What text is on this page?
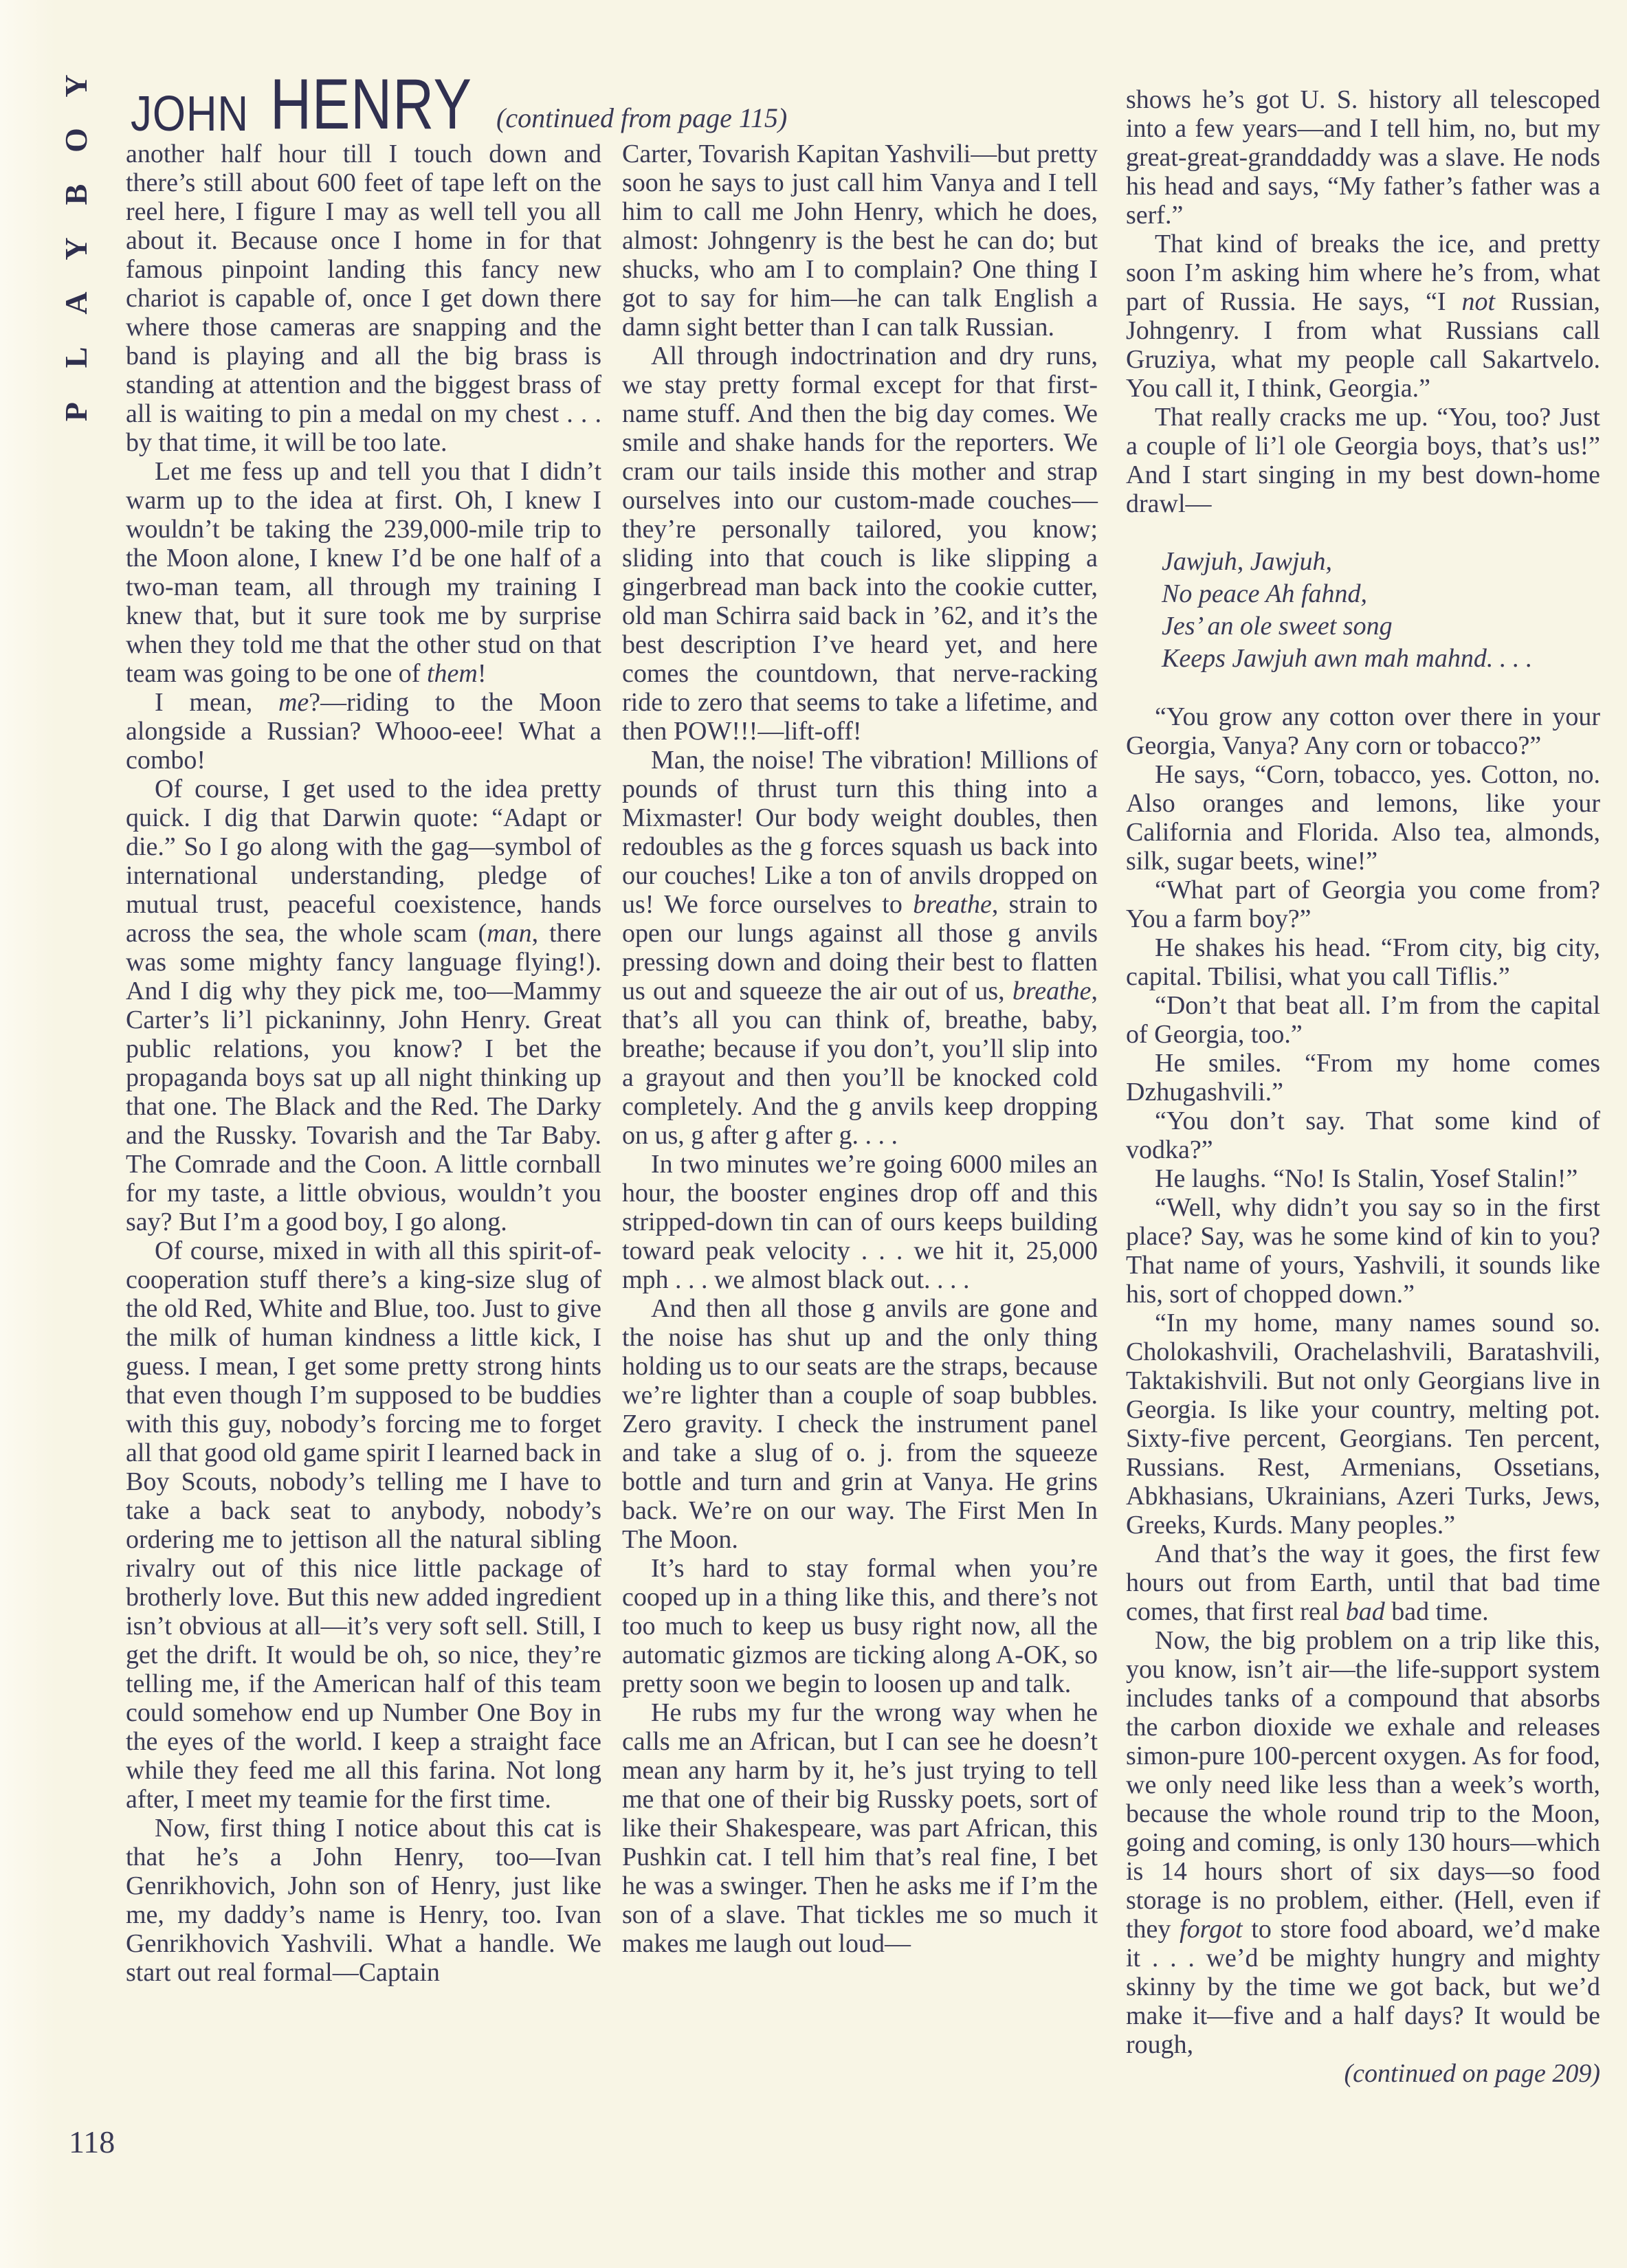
Y
O
B
Y
A
L
P
JOHN HENRY (continued from page 115)

another half hour till I touch down and there’s still about 600 feet of tape left on the reel here, I figure I may as well tell you all about it. Because once I home in for that famous pinpoint landing this fancy new chariot is capable of, once I get down there where those cameras are snapping and the band is playing and all the big brass is standing at attention and the biggest brass of all is waiting to pin a medal on my chest . . . by that time, it will be too late.

Let me fess up and tell you that I didn’t warm up to the idea at first. Oh, I knew I wouldn’t be taking the 239,000-mile trip to the Moon alone, I knew I’d be one half of a two-man team, all through my training I knew that, but it sure took me by surprise when they told me that the other stud on that team was going to be one of them!

I mean, me?—riding to the Moon alongside a Russian? Whooo-eee! What a combo!

Of course, I get used to the idea pretty quick. I dig that Darwin quote: “Adapt or die.” So I go along with the gag—symbol of international understanding, pledge of mutual trust, peaceful coexistence, hands across the sea, the whole scam (man, there was some mighty fancy language flying!). And I dig why they pick me, too—Mammy Carter’s li’l pickaninny, John Henry. Great public relations, you know? I bet the propaganda boys sat up all night thinking up that one. The Black and the Red. The Darky and the Russky. Tovarish and the Tar Baby. The Comrade and the Coon. A little cornball for my taste, a little obvious, wouldn’t you say? But I’m a good boy, I go along.

Of course, mixed in with all this spirit-of-cooperation stuff there’s a king-size slug of the old Red, White and Blue, too. Just to give the milk of human kindness a little kick, I guess. I mean, I get some pretty strong hints that even though I’m supposed to be buddies with this guy, nobody’s forcing me to forget all that good old game spirit I learned back in Boy Scouts, nobody’s telling me I have to take a back seat to anybody, nobody’s ordering me to jettison all the natural sibling rivalry out of this nice little package of brotherly love. But this new added ingredient isn’t obvious at all—it’s very soft sell. Still, I get the drift. It would be oh, so nice, they’re telling me, if the American half of this team could somehow end up Number One Boy in the eyes of the world. I keep a straight face while they feed me all this farina. Not long after, I meet my teamie for the first time.

Now, first thing I notice about this cat is that he’s a John Henry, too—Ivan Genrikhovich, John son of Henry, just like me, my daddy’s name is Henry, too. Ivan Genrikhovich Yashvili. What a handle. We start out real formal—Captain

Carter, Tovarish Kapitan Yashvili—but pretty soon he says to just call him Vanya and I tell him to call me John Henry, which he does, almost: Johngenry is the best he can do; but shucks, who am I to complain? One thing I got to say for him—he can talk English a damn sight better than I can talk Russian.

All through indoctrination and dry runs, we stay pretty formal except for that first-name stuff. And then the big day comes. We smile and shake hands for the reporters. We cram our tails inside this mother and strap ourselves into our custom-made couches—they’re personally tailored, you know; sliding into that couch is like slipping a gingerbread man back into the cookie cutter, old man Schirra said back in ’62, and it’s the best description I’ve heard yet, and here comes the countdown, that nerve-racking ride to zero that seems to take a lifetime, and then POW!!!—lift-off!

Man, the noise! The vibration! Millions of pounds of thrust turn this thing into a Mixmaster! Our body weight doubles, then redoubles as the g forces squash us back into our couches! Like a ton of anvils dropped on us! We force ourselves to breathe, strain to open our lungs against all those g anvils pressing down and doing their best to flatten us out and squeeze the air out of us, breathe, that’s all you can think of, breathe, baby, breathe; because if you don’t, you’ll slip into a grayout and then you’ll be knocked cold completely. And the g anvils keep dropping on us, g after g after g. . . .

In two minutes we’re going 6000 miles an hour, the booster engines drop off and this stripped-down tin can of ours keeps building toward peak velocity . . . we hit it, 25,000 mph . . . we almost black out. . . .

And then all those g anvils are gone and the noise has shut up and the only thing holding us to our seats are the straps, because we’re lighter than a couple of soap bubbles. Zero gravity. I check the instrument panel and take a slug of o. j. from the squeeze bottle and turn and grin at Vanya. He grins back. We’re on our way. The First Men In The Moon.

It’s hard to stay formal when you’re cooped up in a thing like this, and there’s not too much to keep us busy right now, all the automatic gizmos are ticking along A-OK, so pretty soon we begin to loosen up and talk.

He rubs my fur the wrong way when he calls me an African, but I can see he doesn’t mean any harm by it, he’s just trying to tell me that one of their big Russky poets, sort of like their Shakespeare, was part African, this Pushkin cat. I tell him that’s real fine, I bet he was a swinger. Then he asks me if I’m the son of a slave. That tickles me so much it makes me laugh out loud—

shows he’s got U. S. history all telescoped into a few years—and I tell him, no, but my great-great-granddaddy was a slave. He nods his head and says, “My father’s father was a serf.”

That kind of breaks the ice, and pretty soon I’m asking him where he’s from, what part of Russia. He says, “I not Russian, Johngenry. I from what Russians call Gruziya, what my people call Sakartvelo. You call it, I think, Georgia.”

That really cracks me up. “You, too? Just a couple of li’l ole Georgia boys, that’s us!” And I start singing in my best down-home drawl—

Jawjuh, Jawjuh,
No peace Ah fahnd,
Jes’ an ole sweet song
Keeps Jawjuh awn mah mahnd. . . .

“You grow any cotton over there in your Georgia, Vanya? Any corn or tobacco?”

He says, “Corn, tobacco, yes. Cotton, no. Also oranges and lemons, like your California and Florida. Also tea, almonds, silk, sugar beets, wine!”

“What part of Georgia you come from? You a farm boy?”

He shakes his head. “From city, big city, capital. Tbilisi, what you call Tiflis.”

“Don’t that beat all. I’m from the capital of Georgia, too.”

He smiles. “From my home comes Dzhugashvili.”

“You don’t say. That some kind of vodka?”

He laughs. “No! Is Stalin, Yosef Stalin!”

“Well, why didn’t you say so in the first place? Say, was he some kind of kin to you? That name of yours, Yashvili, it sounds like his, sort of chopped down.”

“In my home, many names sound so. Cholokashvili, Orachelashvili, Baratashvili, Taktakishvili. But not only Georgians live in Georgia. Is like your country, melting pot. Sixty-five percent, Georgians. Ten percent, Russians. Rest, Armenians, Ossetians, Abkhasians, Ukrainians, Azeri Turks, Jews, Greeks, Kurds. Many peoples.”

And that’s the way it goes, the first few hours out from Earth, until that bad time comes, that first real bad bad time.

Now, the big problem on a trip like this, you know, isn’t air—the life-support system includes tanks of a compound that absorbs the carbon dioxide we exhale and releases simon-pure 100-percent oxygen. As for food, we only need like less than a week’s worth, because the whole round trip to the Moon, going and coming, is only 130 hours—which is 14 hours short of six days—so food storage is no problem, either. (Hell, even if they forgot to store food aboard, we’d make it . . . we’d be mighty hungry and mighty skinny by the time we got back, but we’d make it—five and a half days? It would be rough,

(continued on page 209)

118
